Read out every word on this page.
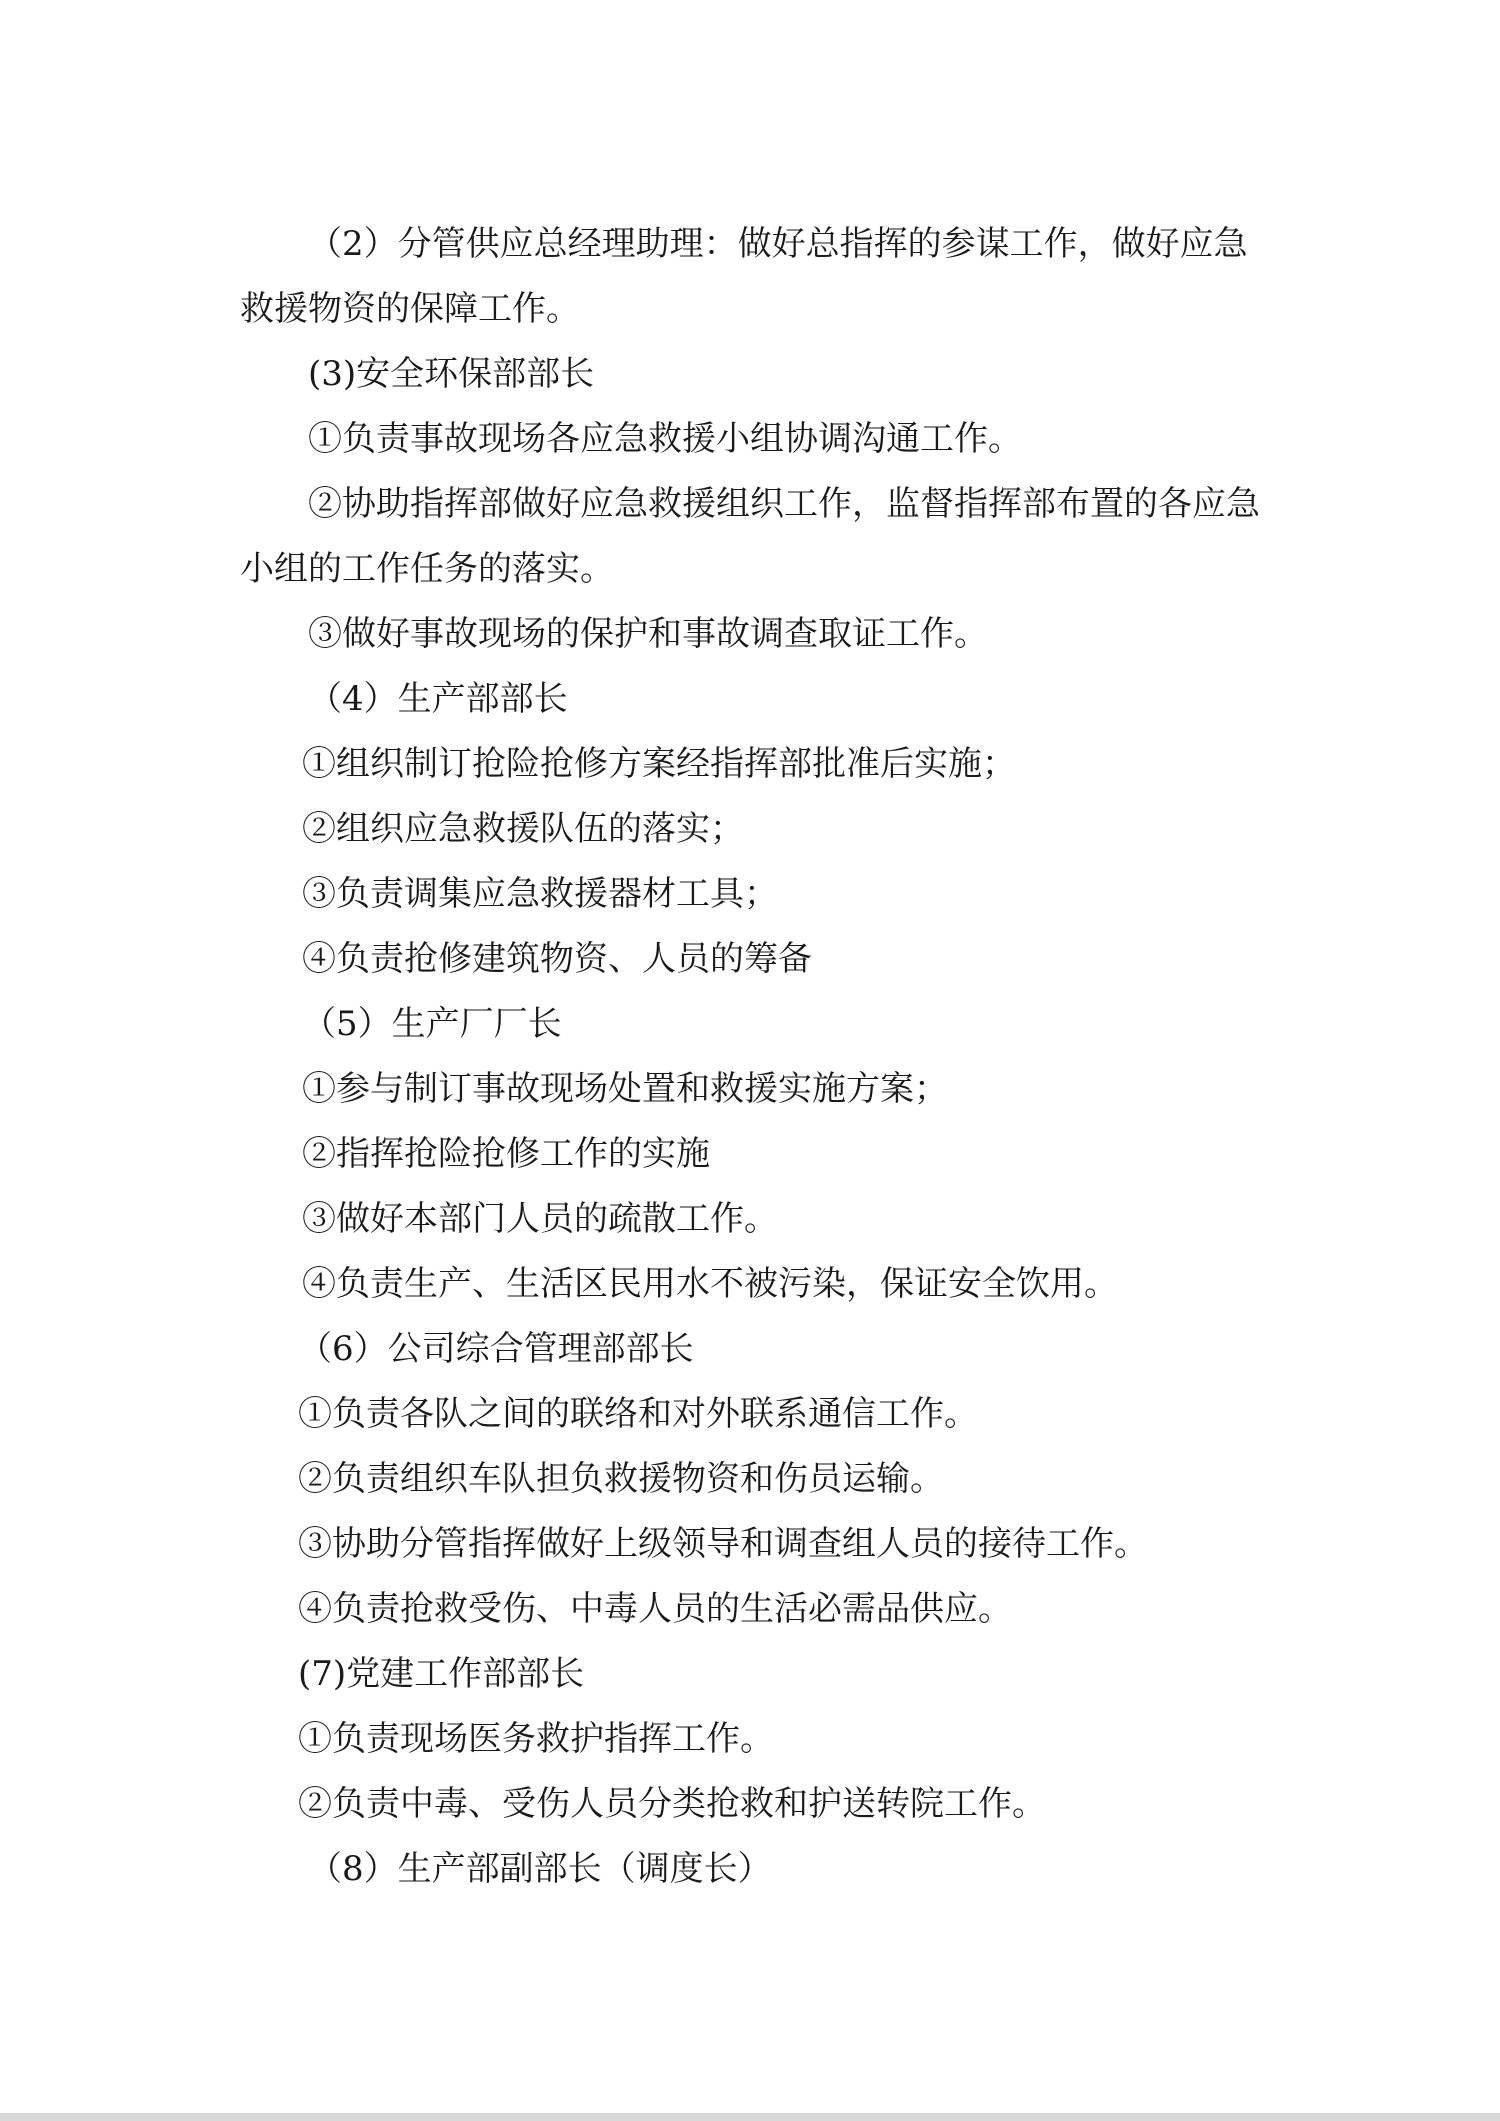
（2）分管供应总经理助理：做好总指挥的参谋工作，做好应急救援物资的保障工作。

(3)安全环保部部长

①负责事故现场各应急救援小组协调沟通工作。

②协助指挥部做好应急救援组织工作，监督指挥部布置的各应急小组的工作任务的落实。

③做好事故现场的保护和事故调查取证工作。

（4）生产部部长

①组织制订抢险抢修方案经指挥部批准后实施；

②组织应急救援队伍的落实；

③负责调集应急救援器材工具；

④负责抢修建筑物资、人员的筹备

（5）生产厂厂长

①参与制订事故现场处置和救援实施方案；

②指挥抢险抢修工作的实施

③做好本部门人员的疏散工作。

④负责生产、生活区民用水不被污染，保证安全饮用。

（6）公司综合管理部部长

①负责各队之间的联络和对外联系通信工作。

②负责组织车队担负救援物资和伤员运输。

③协助分管指挥做好上级领导和调查组人员的接待工作。

④负责抢救受伤、中毒人员的生活必需品供应。

(7)党建工作部部长

①负责现场医务救护指挥工作。

②负责中毒、受伤人员分类抢救和护送转院工作。

（8）生产部副部长（调度长）
